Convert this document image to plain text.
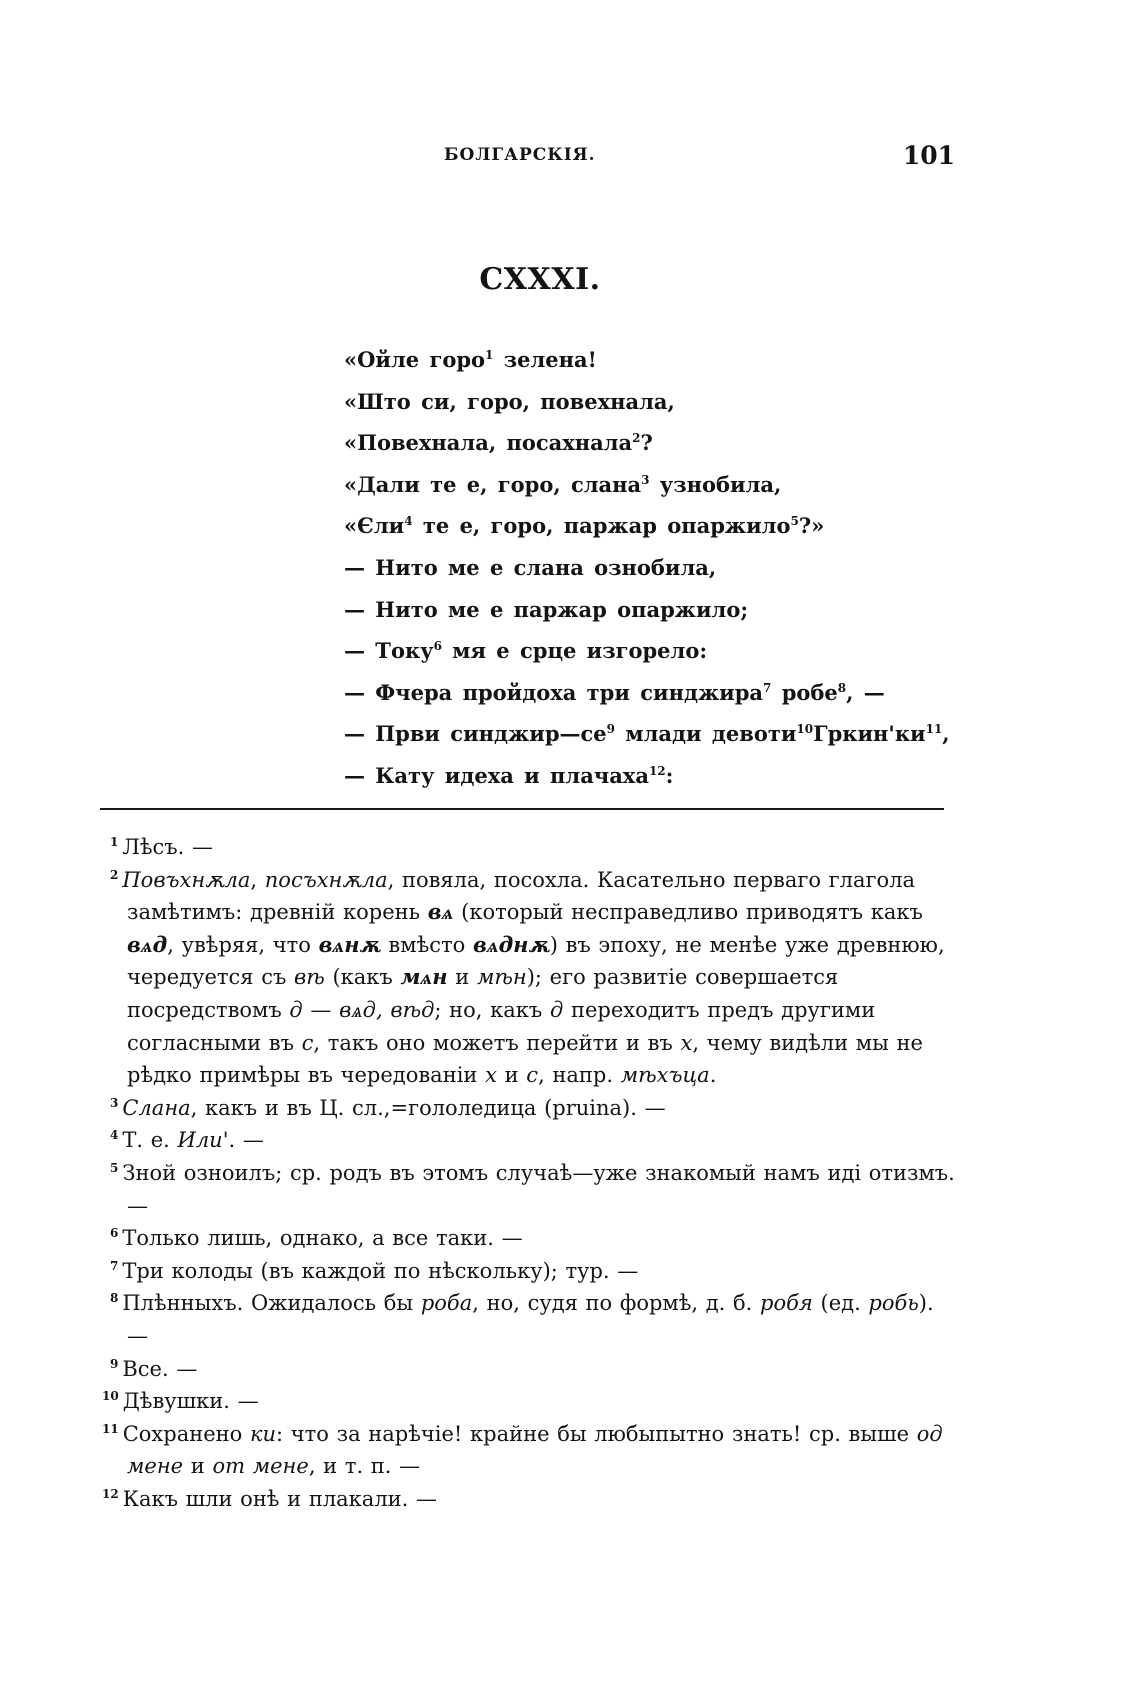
БОЛГАРСКІЯ.	101
CXXXI.
«Ойле горо$^1$ зелена!
«Што си, горо, повехнала,
«Повехнала, посахнала$^2$?
«Дали те е, горо, слана$^3$ узнобила,
«Єли$^4$ те е, горо, паржар опаржило$^5$?»
— Нито ме е слана ознобила,
— Нито ме е паржар опаржило;
— Току$^6$ мя е срце изгорело:
— Фчера пройдоха три синджира$^7$ робе$^8$, —
— Први $синджир—се^9$ млади $девоти^{10}Гркин'ки^{11}$,
— Кату идеха и плачаха$^{12}$:
$^1$ Лѣсъ. —
$^2$ Повъхнѫла, посъхнѫла, повяла, посохла. Касательно перваго глагола замѣтимъ: древній корень вѧ (который несправедливо приводятъ какъ вѧд, увѣряя, что вѧнѫ вмѣсто вѧднѫ) въ эпоху, не менѣе уже древнюю, чередуется съ вѣ (какъ мѧн и мѣн); его развитіе совершается посредствомъ д — вѧд, вѣд; но, какъ д переходитъ предъ другими согласными въ с, такъ оно можетъ перейти и въ х, чему видѣли мы не рѣдко примѣры въ чередованіи х и с, напр. мѣхъцa.
$^3$ Слана, какъ и въ Ц. сл.,=гололедица (pruina). —
$^4$ Т. е. Или'. —
$^5$ Зной озноилъ; ср. родъ въ этомъ случаѣ—уже знакомый намъ иді отизмъ. —
$^6$ Только лишь, однако, а все таки. —
$^7$ Три колоды (въ каждой по нѣскольку); тур. —
$^8$ Плѣнныхъ. Ожидалось бы роба, но, судя по формѣ, д. б. робя (ед. робь). —
$^9$ Все. —
$^{10}$ Дѣвушки. —
$^{11}$ Сохранено ки: что за нарѣчіе! крайне бы любыпытно знать! ср. выше од мене и от мене, и т. п. —
$^{12}$ Какъ шли онѣ и плакали. —
